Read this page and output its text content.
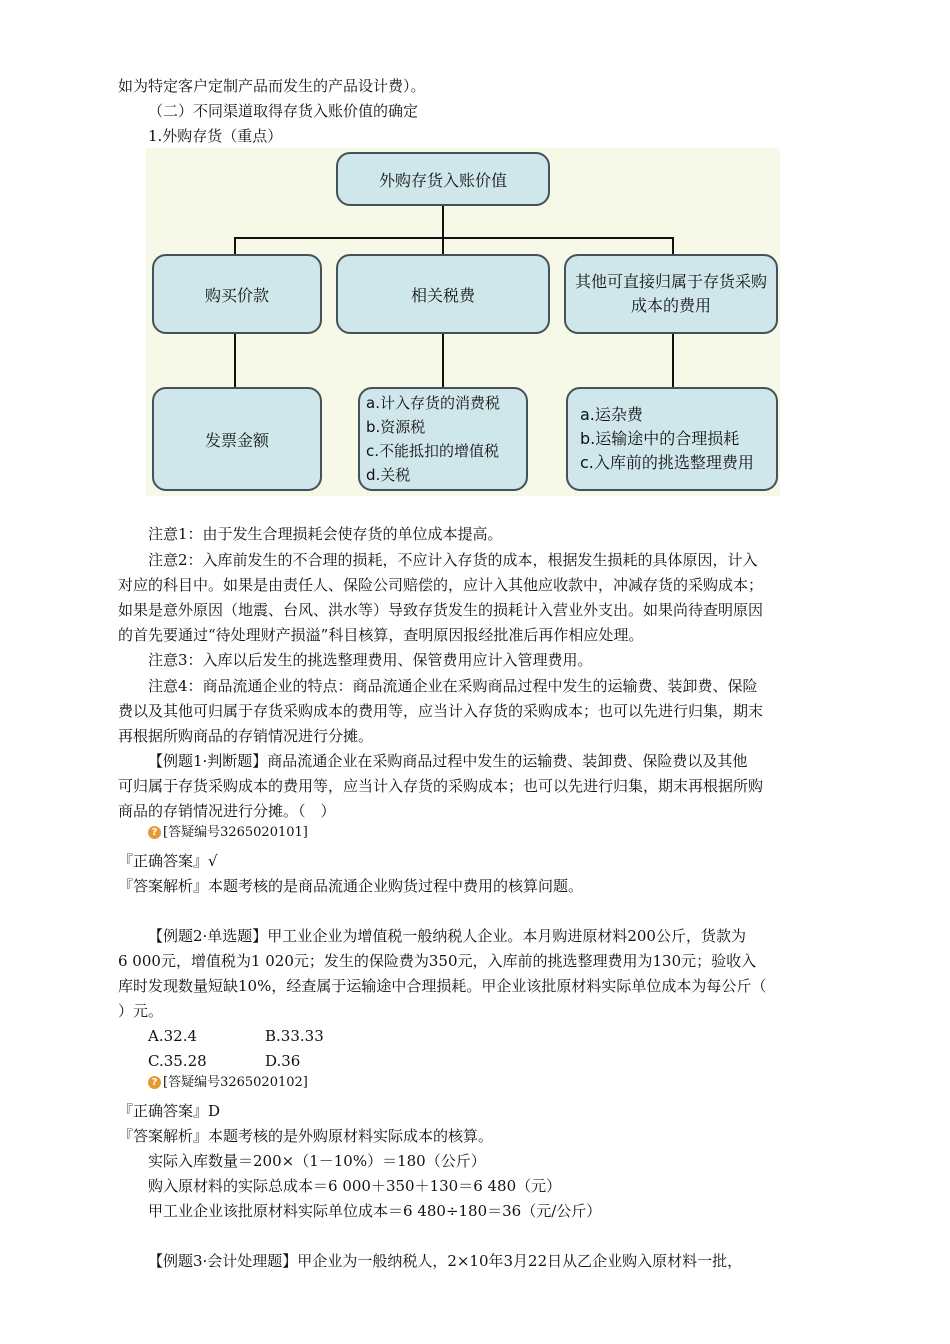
如为特定客户定制产品而发生的产品设计费）。
（二）不同渠道取得存货入账价值的确定
1.外购存货（重点）
外购存货入账价值
购买价款	相关税费
其他可直接归属于存货采购
成本的费用
发票金额
a.计入存货的消费税
b.资源税
c.不能抵扣的增值税
d.关税
a.运杂费
b.运输途中的合理损耗
c.入库前的挑选整理费用
注意1：由于发生合理损耗会使存货的单位成本提高。
注意2：入库前发生的不合理的损耗，不应计入存货的成本，根据发生损耗的具体原因，计入
对应的科目中。如果是由责任人、保险公司赔偿的，应计入其他应收款中，冲减存货的采购成本；
如果是意外原因（地震、台风、洪水等）导致存货发生的损耗计入营业外支出。如果尚待查明原因
的首先要通过“待处理财产损溢”科目核算，查明原因报经批准后再作相应处理。
注意3：入库以后发生的挑选整理费用、保管费用应计入管理费用。
注意4：商品流通企业的特点：商品流通企业在采购商品过程中发生的运输费、装卸费、保险
费以及其他可归属于存货采购成本的费用等，应当计入存货的采购成本；也可以先进行归集，期末
再根据所购商品的存销情况进行分摊。
【例题1·判断题】商品流通企业在采购商品过程中发生的运输费、装卸费、保险费以及其他
可归属于存货采购成本的费用等，应当计入存货的采购成本；也可以先进行归集，期末再根据所购
商品的存销情况进行分摊。（　）
? [答疑编号3265020101]
『正确答案』√
『答案解析』本题考核的是商品流通企业购货过程中费用的核算问题。
【例题2·单选题】甲工业企业为增值税一般纳税人企业。本月购进原材料200公斤，货款为
6 000元，增值税为1 020元；发生的保险费为350元，入库前的挑选整理费用为130元；验收入
库时发现数量短缺10%，经查属于运输途中合理损耗。甲企业该批原材料实际单位成本为每公斤（
）元。
A.32.4	B.33.33
C.35.28	D.36
? [答疑编号3265020102]
『正确答案』D
『答案解析』本题考核的是外购原材料实际成本的核算。
实际入库数量＝200×（1－10%）＝180（公斤）
购入原材料的实际总成本＝6 000＋350＋130＝6 480（元）
甲工业企业该批原材料实际单位成本＝6 480÷180＝36（元/公斤）
【例题3·会计处理题】甲企业为一般纳税人，2×10年3月22日从乙企业购入原材料一批，
